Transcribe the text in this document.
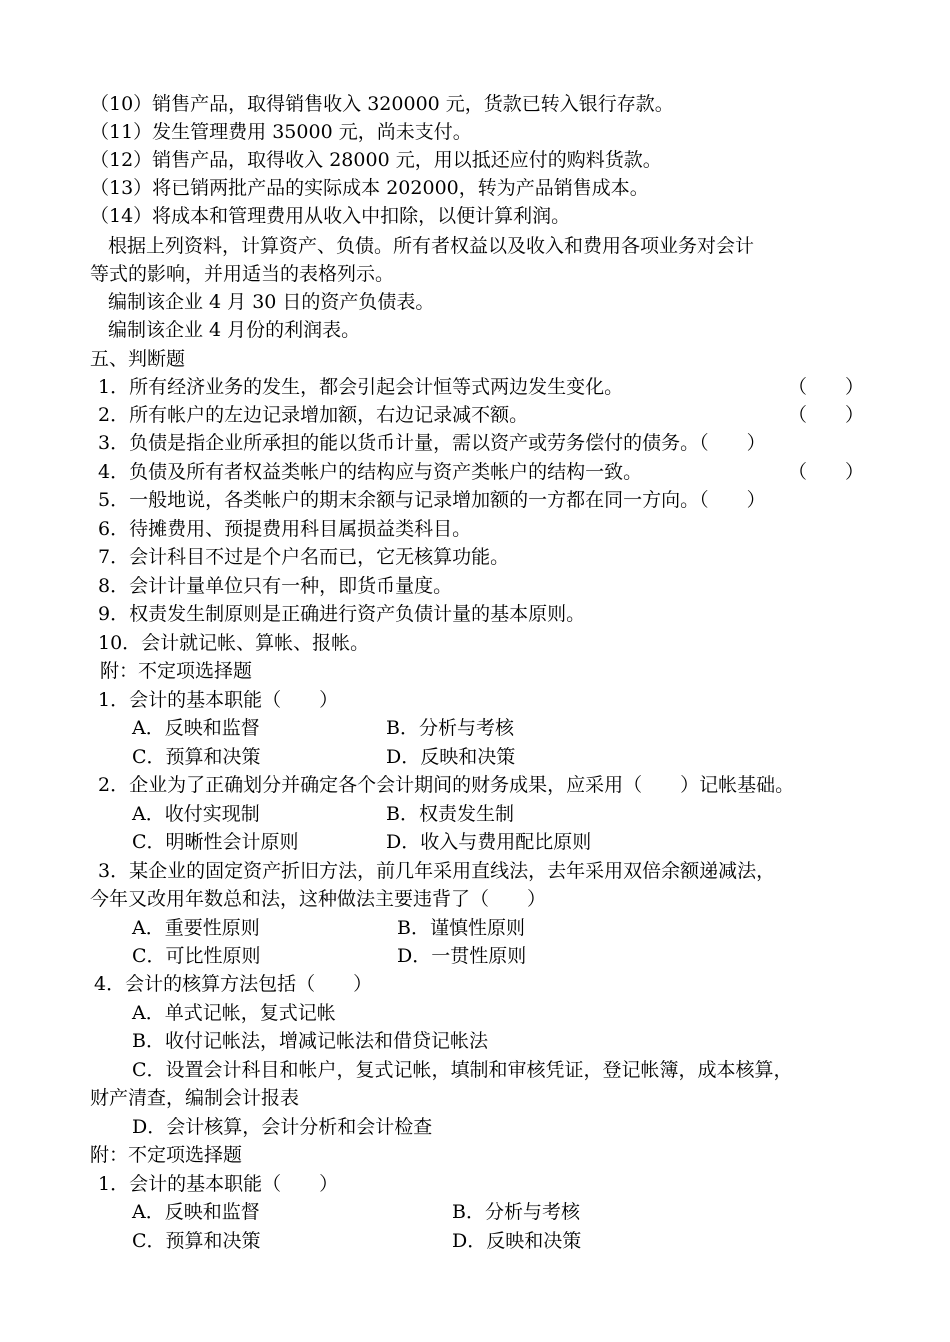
（10）销售产品，取得销售收入 320000 元，货款已转入银行存款。
（11）发生管理费用 35000 元，尚未支付。
（12）销售产品，取得收入 28000 元，用以抵还应付的购料货款。
（13）将已销两批产品的实际成本 202000，转为产品销售成本。
（14）将成本和管理费用从收入中扣除，以便计算利润。
根据上列资料，计算资产、负债。所有者权益以及收入和费用各项业务对会计
等式的影响，并用适当的表格列示。
编制该企业 4 月 30 日的资产负债表。
编制该企业 4 月份的利润表。
五、判断题
1．所有经济业务的发生，都会引起会计恒等式两边发生变化。	（　　）
2．所有帐户的左边记录增加额，右边记录减不额。	（　　）
3．负债是指企业所承担的能以货币计量，需以资产或劳务偿付的债务。（　　）
4．负债及所有者权益类帐户的结构应与资产类帐户的结构一致。	（　　）
5．一般地说，各类帐户的期末余额与记录增加额的一方都在同一方向。（　　）
6．待摊费用、预提费用科目属损益类科目。
7．会计科目不过是个户名而已，它无核算功能。
8．会计计量单位只有一种，即货币量度。
9．权责发生制原则是正确进行资产负债计量的基本原则。
10．会计就记帐、算帐、报帐。
附：不定项选择题
1．会计的基本职能（　　）
A．反映和监督	B．分析与考核
C．预算和决策	D．反映和决策
2．企业为了正确划分并确定各个会计期间的财务成果，应采用（　　）记帐基础。
A．收付实现制	B．权责发生制
C．明晰性会计原则	D．收入与费用配比原则
3．某企业的固定资产折旧方法，前几年采用直线法，去年采用双倍余额递减法，
今年又改用年数总和法，这种做法主要违背了（　　）
A．重要性原则	B．谨慎性原则
C．可比性原则	D．一贯性原则
4．会计的核算方法包括（　　）
A．单式记帐，复式记帐
B．收付记帐法，增减记帐法和借贷记帐法
C．设置会计科目和帐户，复式记帐，填制和审核凭证，登记帐簿，成本核算，
财产清查，编制会计报表
D．会计核算，会计分析和会计检查
附：不定项选择题
1．会计的基本职能（　　）
A．反映和监督	B．分析与考核
C．预算和决策	D．反映和决策
